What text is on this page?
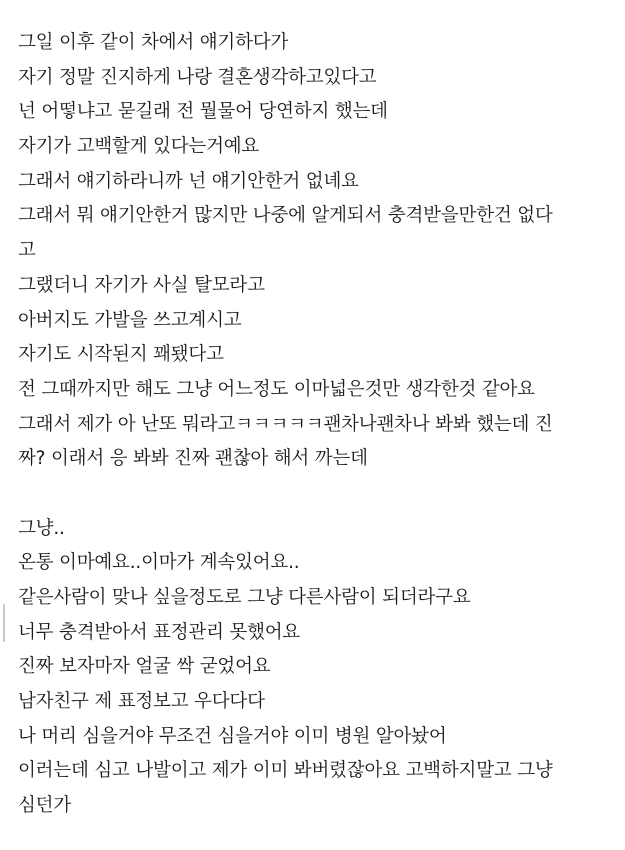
그일 이후 같이 차에서 얘기하다가
자기 정말 진지하게 나랑 결혼생각하고있다고
넌 어떻냐고 묻길래 전 뭘물어 당연하지 했는데
자기가 고백할게 있다는거예요
그래서 얘기하라니까 넌 얘기안한거 없녜요
그래서 뭐 얘기안한거 많지만 나중에 알게되서 충격받을만한건 없다
고
그랬더니 자기가 사실 탈모라고
아버지도 가발을 쓰고계시고
자기도 시작된지 꽤됐다고
전 그때까지만 해도 그냥 어느정도 이마넓은것만 생각한것 같아요
그래서 제가 아 난또 뭐라고ㅋㅋㅋㅋㅋ괜차나괜차나 봐봐 했는데 진
짜? 이래서 응 봐봐 진짜 괜찮아 해서 까는데
그냥..
온통 이마예요..이마가 계속있어요..
같은사람이 맞나 싶을정도로 그냥 다른사람이 되더라구요
너무 충격받아서 표정관리 못했어요
진짜 보자마자 얼굴 싹 굳었어요
남자친구 제 표정보고 우다다다
나 머리 심을거야 무조건 심을거야 이미 병원 알아놨어
이러는데 심고 나발이고 제가 이미 봐버렸잖아요 고백하지말고 그냥
심던가
